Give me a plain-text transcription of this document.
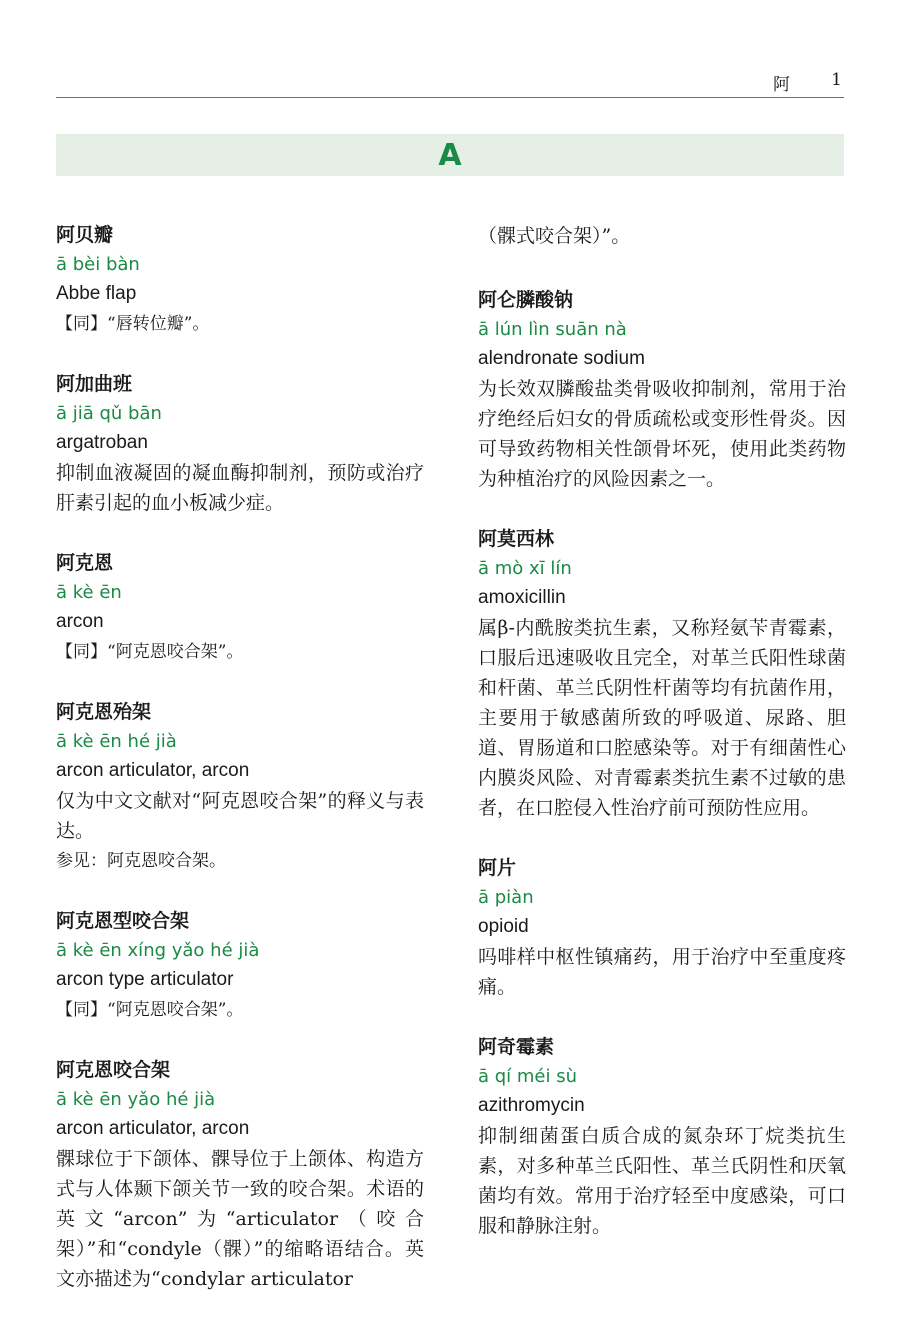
阿 1
A
阿贝瓣
ā bèi bàn
Abbe flap
【同】“唇转位瓣”。
阿加曲班
ā jiā qǔ bān
argatroban
抑制血液凝固的凝血酶抑制剂，预防或治疗肝素引起的血小板减少症。
阿克恩
ā kè ēn
arcon
【同】“阿克恩咬合架”。
阿克恩殆架
ā kè ēn hé jià
arcon articulator, arcon
仅为中文文献对“阿克恩咬合架”的释义与表达。
参见：阿克恩咬合架。
阿克恩型咬合架
ā kè ēn xíng yǎo hé jià
arcon type articulator
【同】“阿克恩咬合架”。
阿克恩咬合架
ā kè ēn yǎo hé jià
arcon articulator, arcon
髁球位于下颌体、髁导位于上颌体、构造方式与人体颞下颌关节一致的咬合架。术语的英文“arcon”为“articulator（咬合架）”和“condyle（髁）”的缩略语结合。英文亦描述为“condylar articulator
（髁式咬合架）”。
阿仑膦酸钠
ā lún lìn suān nà
alendronate sodium
为长效双膦酸盐类骨吸收抑制剂，常用于治疗绝经后妇女的骨质疏松或变形性骨炎。因可导致药物相关性颌骨坏死，使用此类药物为种植治疗的风险因素之一。
阿莫西林
ā mò xī lín
amoxicillin
属β-内酰胺类抗生素，又称羟氨苄青霉素，口服后迅速吸收且完全，对革兰氏阳性球菌和杆菌、革兰氏阴性杆菌等均有抗菌作用，主要用于敏感菌所致的呼吸道、尿路、胆道、胃肠道和口腔感染等。对于有细菌性心内膜炎风险、对青霉素类抗生素不过敏的患者，在口腔侵入性治疗前可预防性应用。
阿片
ā piàn
opioid
吗啡样中枢性镇痛药，用于治疗中至重度疼痛。
阿奇霉素
ā qí méi sù
azithromycin
抑制细菌蛋白质合成的氮杂环丁烷类抗生素，对多种革兰氏阳性、革兰氏阴性和厌氧菌均有效。常用于治疗轻至中度感染，可口服和静脉注射。
